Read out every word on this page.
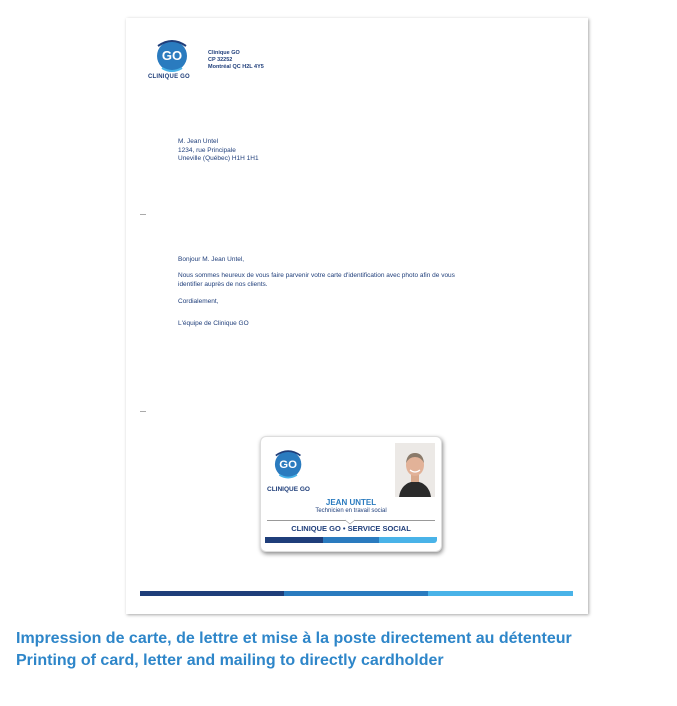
GO
CLINIQUE GO
Clinique GO
CP 32252
Montréal QC H2L 4Y5
M. Jean Untel
1234, rue Principale
Uneville (Québec) H1H 1H1
Bonjour M. Jean Untel,
Nous sommes heureux de vous faire parvenir votre carte d'identification avec photo afin de vous
identifier auprès de nos clients.
Cordialement,
L'équipe de Clinique GO
GO
CLINIQUE GO
JEAN UNTEL
Technicien en travail social
CLINIQUE GO • SERVICE SOCIAL
Impression de carte, de lettre et mise à la poste directement au détenteur
Printing of card, letter and mailing to directly cardholder
